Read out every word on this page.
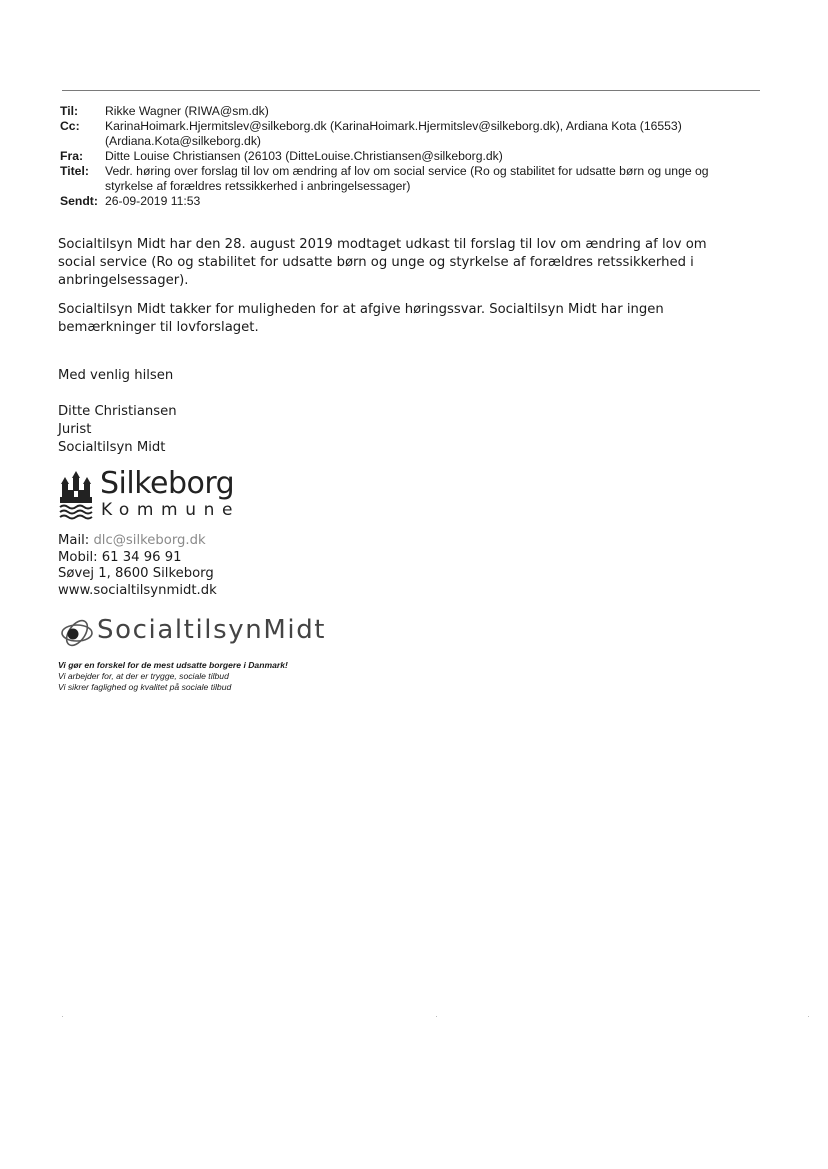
Til:	Rikke Wagner (RIWA@sm.dk)
Cc:	KarinaHoimark.Hjermitslev@silkeborg.dk (KarinaHoimark.Hjermitslev@silkeborg.dk), Ardiana Kota (16553)
(Ardiana.Kota@silkeborg.dk)
Fra:	Ditte Louise Christiansen (26103 (DitteLouise.Christiansen@silkeborg.dk)
Titel:	Vedr. høring over forslag til lov om ændring af lov om social service (Ro og stabilitet for udsatte børn og unge og
styrkelse af forældres retssikkerhed i anbringelsessager)
Sendt: 26-09-2019 11:53
Socialtilsyn Midt har den 28. august 2019 modtaget udkast til forslag til lov om ændring af lov om
social service (Ro og stabilitet for udsatte børn og unge og styrkelse af forældres retssikkerhed i
anbringelsessager).
Socialtilsyn Midt takker for muligheden for at afgive høringssvar. Socialtilsyn Midt har ingen
bemærkninger til lovforslaget.
Med venlig hilsen
Ditte Christiansen
Jurist
Socialtilsyn Midt
Silkeborg
Kommune
Mail: dlc@silkeborg.dk
Mobil: 61 34 96 91
Søvej 1, 8600 Silkeborg
www.socialtilsynmidt.dk
SocialtilsynMidt
Vi gør en forskel for de mest udsatte borgere i Danmark!
Vi arbejder for, at der er trygge, sociale tilbud
Vi sikrer faglighed og kvalitet på sociale tilbud
